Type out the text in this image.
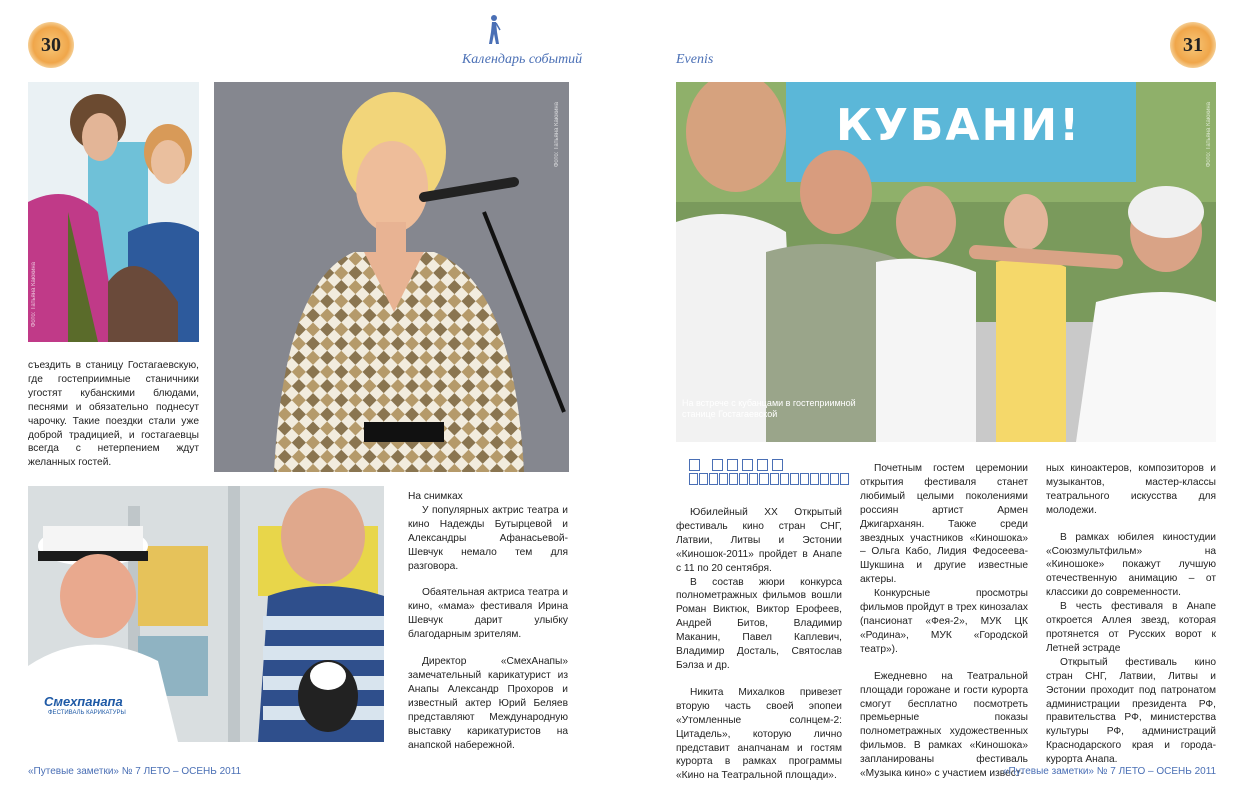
30	31
Календарь событий	Evenіs
Фото: Татьяна Каюкина
Фото: Татьяна Каюкина

съездить в станицу Гостагаевскую, где гостеприимные станичники угостят кубанскими блюдами, песнями и обязательно поднесут чарочку. Такие поездки стали уже доброй традицией, и гостагаевцы всегда с нетерпением ждут желанных гостей.

Смехпанапа
ФЕСТИВАЛЬ КАРИКАТУРЫ

На снимках

У популярных актрис театра и кино Надежды Бутырцевой и Александры Афанасьевой-Шевчук немало тем для разговора.

Обаятельная актриса театра и кино, «мама» фестиваля Ирина Шевчук дарит улыбку благодарным зрителям.

Директор «СмехАнапы» замечательный карикатурист из Анапы Александр Прохоров и известный актер Юрий Беляев представляют Международную выставку карикатуристов на анапской набережной.

КУБАНИ!
На встрече с кубанцами в гостеприимной станице Гостагаевской
Фото: Татьяна Каюкина

Юбилейный XX Открытый фестиваль кино стран СНГ, Латвии, Литвы и Эстонии «Киношок-2011» пройдет в Анапе с 11 по 20 сентября.

В состав жюри конкурса полнометражных фильмов вошли Роман Виктюк, Виктор Ерофеев, Андрей Битов, Владимир Маканин, Павел Каплевич, Владимир Досталь, Святослав Бэлза и др.

Никита Михалков привезет вторую часть своей эпопеи «Утомленные солнцем-2: Цитадель», которую лично представит анапчанам и гостям курорта в рамках программы «Кино на Театральной площади».

Почетным гостем церемонии открытия фестиваля станет любимый целыми поколениями россиян артист Армен Джигарханян. Также среди звездных участников «Киношока» – Ольга Кабо, Лидия Федосеева-Шукшина и другие известные актеры.

Конкурсные просмотры фильмов пройдут в трех кинозалах (пансионат «Фея-2», МУК ЦК «Родина», МУК «Городской театр»).

Ежедневно на Театральной площади горожане и гости курорта смогут бесплатно посмотреть премьерные показы полнометражных художественных фильмов. В рамках «Киношока» запланированы фестиваль «Музыка кино» с участием извест-

ных киноактеров, композиторов и музыкантов, мастер-классы театрального искусства для молодежи.

В рамках юбилея киностудии «Союзмультфильм» на «Киношоке» покажут лучшую отечественную анимацию – от классики до современности.

В честь фестиваля в Анапе откроется Аллея звезд, которая протянется от Русских ворот к Летней эстраде

Открытый фестиваль кино стран СНГ, Латвии, Литвы и Эстонии проходит под патронатом администрации президента РФ, правительства РФ, министерства культуры РФ, администраций Краснодарского края и города-курорта Анапа.

«Путевые заметки» № 7 ЛЕТО – ОСЕНЬ 2011	«Путевые заметки» № 7 ЛЕТО – ОСЕНЬ 2011
